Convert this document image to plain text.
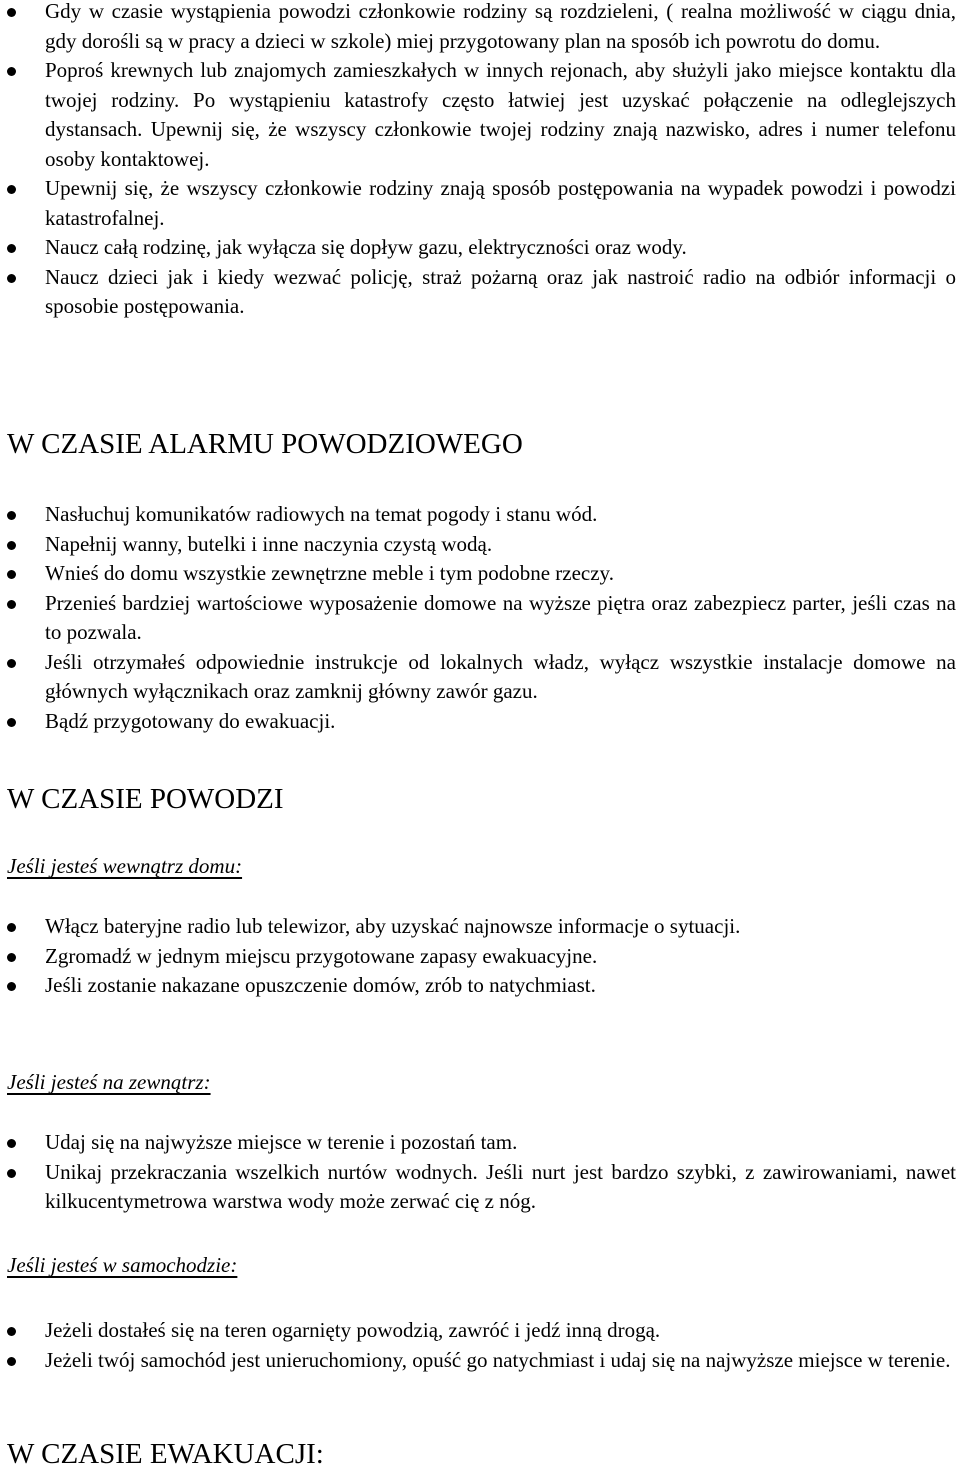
Gdy w czasie wystąpienia powodzi członkowie rodziny są rozdzieleni, ( realna możliwość w ciągu dnia, gdy dorośli są w pracy a dzieci w szkole) miej przygotowany plan na sposób ich powrotu do domu.
Poproś krewnych lub znajomych zamieszkałych w innych rejonach, aby służyli jako miejsce kontaktu dla twojej rodziny. Po wystąpieniu katastrofy często łatwiej jest uzyskać połączenie na odleglejszych dystansach. Upewnij się, że wszyscy członkowie twojej rodziny znają nazwisko, adres i numer telefonu osoby kontaktowej.
Upewnij się, że wszyscy członkowie rodziny znają sposób postępowania na wypadek powodzi i powodzi katastrofalnej.
Naucz całą rodzinę, jak wyłącza się dopływ gazu, elektryczności oraz wody.
Naucz dzieci jak i kiedy wezwać policję, straż pożarną oraz jak nastroić radio na odbiór informacji o sposobie postępowania.
W CZASIE ALARMU POWODZIOWEGO
Nasłuchuj komunikatów radiowych na temat pogody i stanu wód.
Napełnij wanny, butelki i inne naczynia czystą wodą.
Wnieś do domu wszystkie zewnętrzne meble i tym podobne rzeczy.
Przenieś bardziej wartościowe wyposażenie domowe na wyższe piętra oraz zabezpiecz parter, jeśli czas na to pozwala.
Jeśli otrzymałeś odpowiednie instrukcje od lokalnych władz, wyłącz wszystkie instalacje domowe na głównych wyłącznikach oraz zamknij główny zawór gazu.
Bądź przygotowany do ewakuacji.
W CZASIE POWODZI

Jeśli jesteś wewnątrz domu:

Włącz bateryjne radio lub telewizor, aby uzyskać najnowsze informacje o sytuacji.
Zgromadź w jednym miejscu przygotowane zapasy ewakuacyjne.
Jeśli zostanie nakazane opuszczenie domów, zrób to natychmiast.

Jeśli jesteś na zewnątrz:

Udaj się na najwyższe miejsce w terenie i pozostań tam.
Unikaj przekraczania wszelkich nurtów wodnych. Jeśli nurt jest bardzo szybki, z zawirowaniami, nawet kilkucentymetrowa warstwa wody może zerwać cię z nóg.

Jeśli jesteś w samochodzie:

Jeżeli dostałeś się na teren ogarnięty powodzią, zawróć i jedź inną drogą.
Jeżeli twój samochód jest unieruchomiony, opuść go natychmiast i udaj się na najwyższe miejsce w terenie.
W CZASIE EWAKUACJI:
